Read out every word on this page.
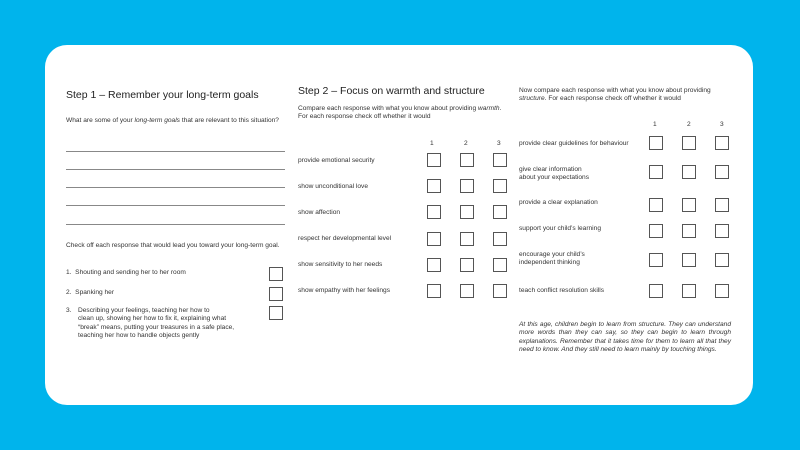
Step 1 – Remember your long-term goals
What are some of your long-term goals that are relevant to this situation?
Check off each response that would lead you toward your long-term goal.
1. Shouting and sending her to her room
2. Spanking her
3. Describing your feelings, teaching her how to
clean up, showing her how to fix it, explaining what
“break” means, putting your treasures in a safe place,
teaching her how to handle objects gently
Step 2 – Focus on warmth and structure
Compare each response with what you know about providing warmth. For each response check off whether it would
1	2	3
provide emotional security
show unconditional love
show affection
respect her developmental level
show sensitivity to her needs
show empathy with her feelings
Now compare each response with what you know about providing structure. For each response check off whether it would
1	2	3
provide clear guidelines for behaviour
give clear information
about your expectations
provide a clear explanation
support your child’s learning
encourage your child’s
independent thinking
teach conflict resolution skills
At this age, children begin to learn from structure. They can understand more words than they can say, so they can begin to learn through explanations. Remember that it takes time for them to learn all that they need to know. And they still need to learn mainly by touching things.
